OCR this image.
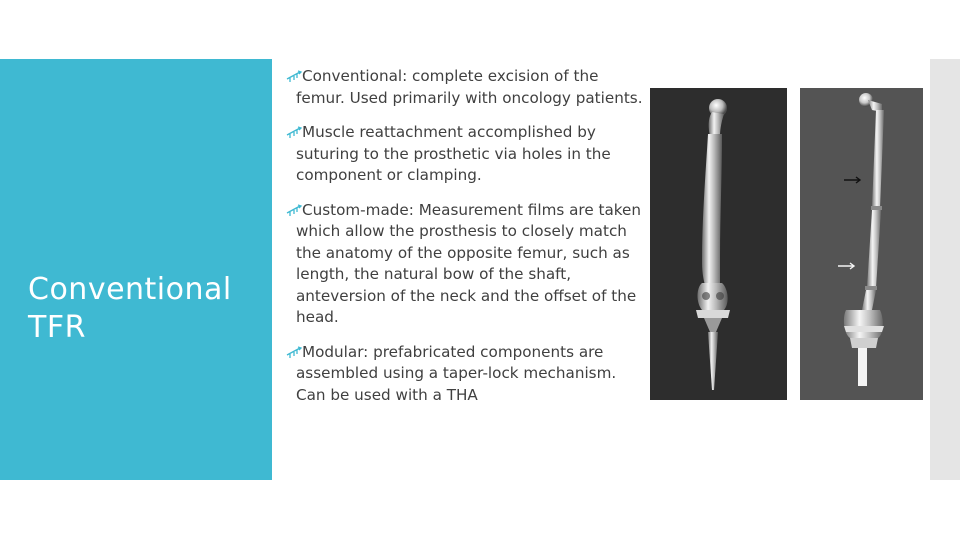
Conventional TFR
Conventional: complete excision of the femur. Used primarily with oncology patients.
Muscle reattachment accomplished by suturing to the prosthetic via holes in the component or clamping.
Custom-made: Measurement films are taken which allow the prosthesis to closely match the anatomy of the opposite femur, such as length, the natural bow of the shaft, anteversion of the neck and the offset of the head.
Modular: prefabricated components are assembled using a taper-lock mechanism. Can be used with a THA
